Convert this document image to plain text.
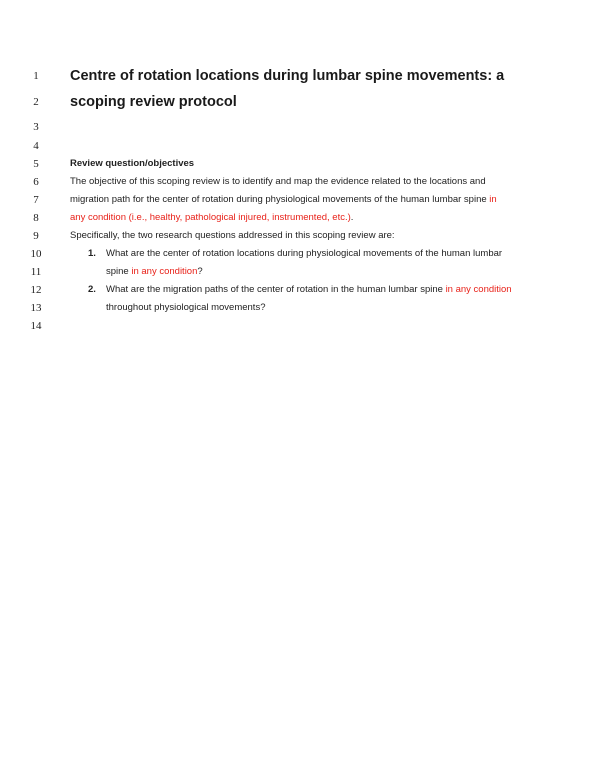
1
2
3
4
5
6
7
8
9
10
11
12
13
14
Centre of rotation locations during lumbar spine movements: a
scoping review protocol
Review question/objectives
The objective of this scoping review is to identify and map the evidence related to the locations and
migration path for the center of rotation during physiological movements of the human lumbar spine in
any condition (i.e., healthy, pathological injured, instrumented, etc.).
Specifically, the two research questions addressed in this scoping review are:
1. What are the center of rotation locations during physiological movements of the human lumbar
spine in any condition?
2. What are the migration paths of the center of rotation in the human lumbar spine in any condition
throughout physiological movements?
